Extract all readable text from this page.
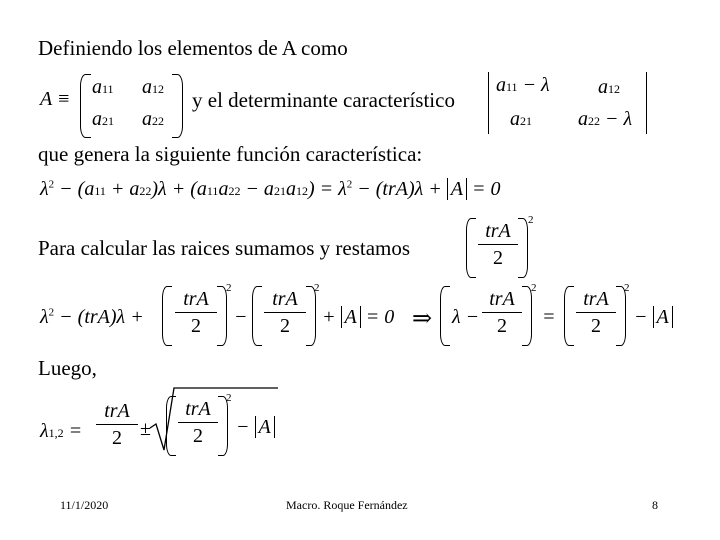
Definiendo los elementos de A como
A ≡
a11 a12
a21 a22
y el determinante característico
a11 − λ a12
a21 a22 − λ
que genera la siguiente función característica:
$\lambda^2 - (a11 + a22)\lambda + (a11a22 - a21a12) = \lambda^2 - (trA)\lambda + A = 0$
Para calcular las raices sumamos y restamos
trA
2
2
$\lambda^2 - (trA)\lambda$ +
trA
2
2
−
trA
2
2
+ A = 0 ⇒ λ −
trA
2
2
=
trA
2
2
− A
Luego,
λ1,2 =
trA
2 ±
trA
2
2
− A
11/1/2020	Macro. Roque Fernández	8
